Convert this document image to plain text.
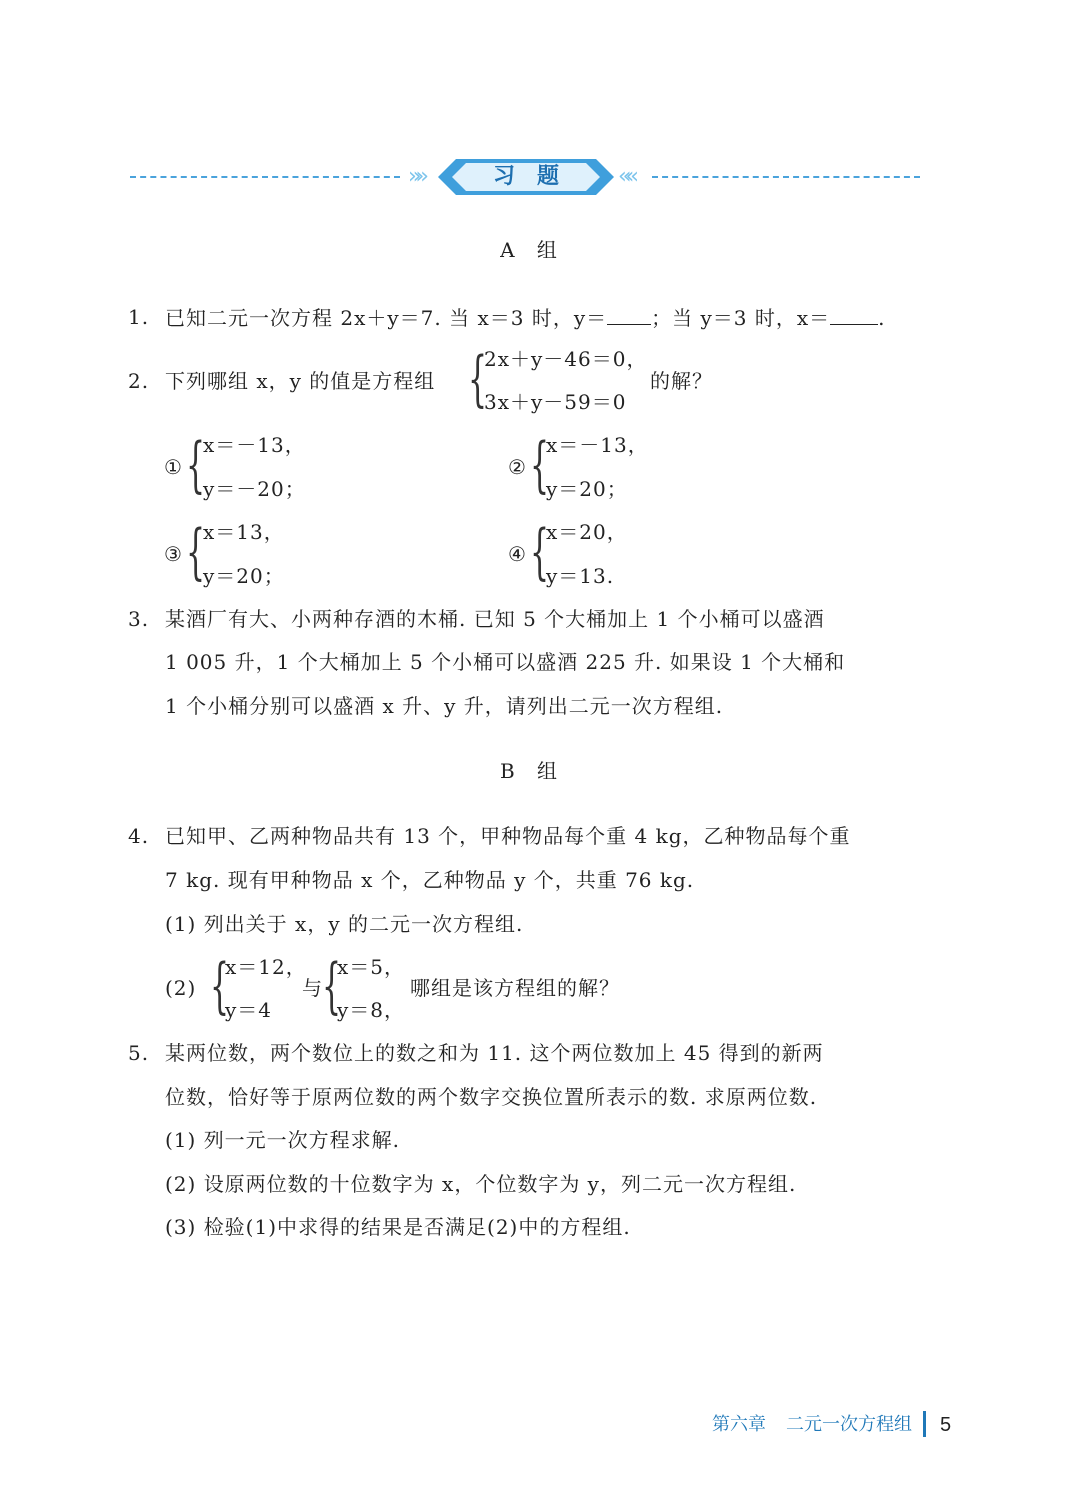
»»	««
习题
A 组
1. 已知二元一次方程 2x＋y＝7. 当 x＝3 时，y＝ ；当 y＝3 时，x＝ .
2. 下列哪组 x，y 的值是方程组 {
2x＋y－46＝0，
3x＋y－59＝0
的解？
① {
x＝－13，
y＝－20；
② {
x＝－13，
y＝20；
③ {
x＝13，
y＝20；
④ {
x＝20，
y＝13.
3. 某酒厂有大、小两种存酒的木桶. 已知 5 个大桶加上 1 个小桶可以盛酒
1 005 升，1 个大桶加上 5 个小桶可以盛酒 225 升. 如果设 1 个大桶和
1 个小桶分别可以盛酒 x 升、y 升，请列出二元一次方程组.
B 组
4. 已知甲、乙两种物品共有 13 个，甲种物品每个重 4 kg，乙种物品每个重
7 kg. 现有甲种物品 x 个，乙种物品 y 个，共重 76 kg.
(1) 列出关于 x，y 的二元一次方程组.
(2) {
x＝12，
y＝4
与 {
x＝5，
y＝8，
哪组是该方程组的解？
5. 某两位数，两个数位上的数之和为 11. 这个两位数加上 45 得到的新两
位数，恰好等于原两位数的两个数字交换位置所表示的数. 求原两位数.
(1) 列一元一次方程求解.
(2) 设原两位数的十位数字为 x，个位数字为 y，列二元一次方程组.
(3) 检验(1)中求得的结果是否满足(2)中的方程组.
第六章 二元一次方程组 5
